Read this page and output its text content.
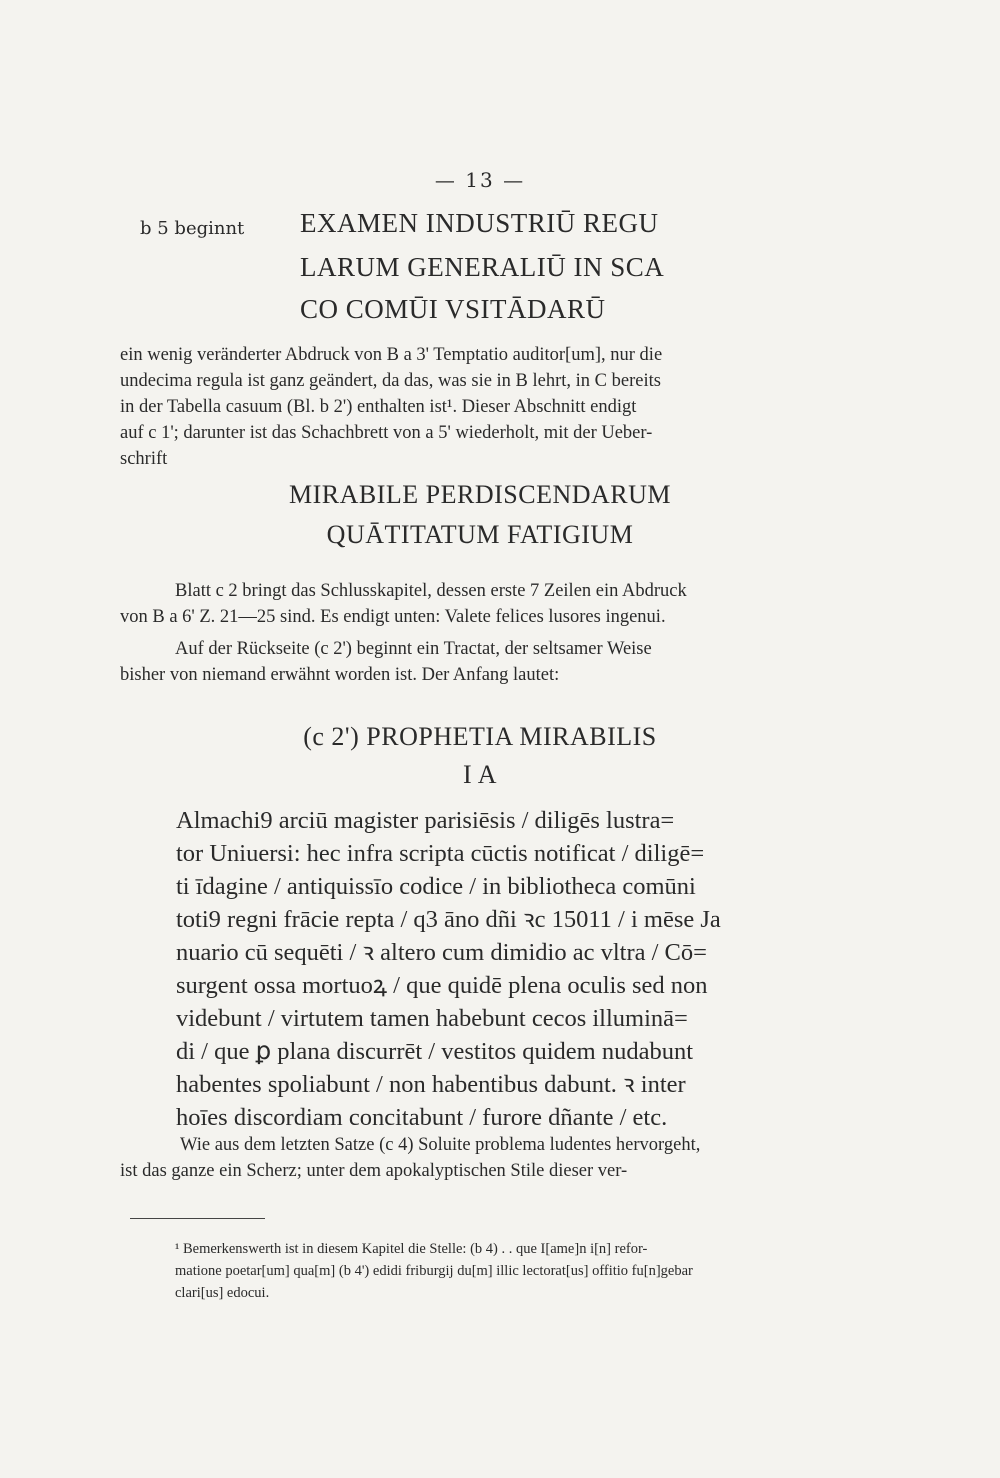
— 13 —
b 5 beginnt EXAMEN INDUSTRIŪ REGU
LARUM GENERALIŪ IN SCA
CO COMŪI VSITĀDARŪ
ein wenig veränderter Abdruck von B a 3' Temptatio auditor[um], nur die
undecima regula ist ganz geändert, da das, was sie in B lehrt, in C bereits
in der Tabella casuum (Bl. b 2') enthalten ist¹. Dieser Abschnitt endigt
auf c 1'; darunter ist das Schachbrett von a 5' wiederholt, mit der Ueber-
schrift
MIRABILE PERDISCENDARUM
QUĀTITATUM FATIGIUM
Blatt c 2 bringt das Schlusskapitel, dessen erste 7 Zeilen ein Abdruck
von B a 6' Z. 21—25 sind. Es endigt unten: Valete felices lusores ingenui.
Auf der Rückseite (c 2') beginnt ein Tractat, der seltsamer Weise
bisher von niemand erwähnt worden ist. Der Anfang lautet:
(c 2') PROPHETIA MIRABILIS
I A
Almachi9 arciū magister parisiēsis / diligēs lustra=
tor Uniuersi: hec infra scripta cūctis notificat / diligē=
ti īdagine / antiquissīo codice / in bibliotheca comūni
toti9 regni frācie repta / q3 āno dñi ꝛc 15011 / i mēse Ja
nuario cū sequēti / ꝛ altero cum dimidio ac vltra / Cō=
surgent ossa mortuoꝝ / que quidē plena oculis sed non
videbunt / virtutem tamen habebunt cecos illuminā=
di / que ꝑ plana discurrēt / vestitos quidem nudabunt
habentes spoliabunt / non habentibus dabunt. ꝛ inter
hoīes discordiam concitabunt / furore dñante / etc.
Wie aus dem letzten Satze (c 4) Soluite problema ludentes hervorgeht,
ist das ganze ein Scherz; unter dem apokalyptischen Stile dieser ver-
¹ Bemerkenswerth ist in diesem Kapitel die Stelle: (b 4) . . que I[ame]n i[n] refor-
matione poetar[um] qua[m] (b 4') edidi friburgij du[m] illic lectorat[us] offitio fu[n]gebar
clari[us] edocui.
